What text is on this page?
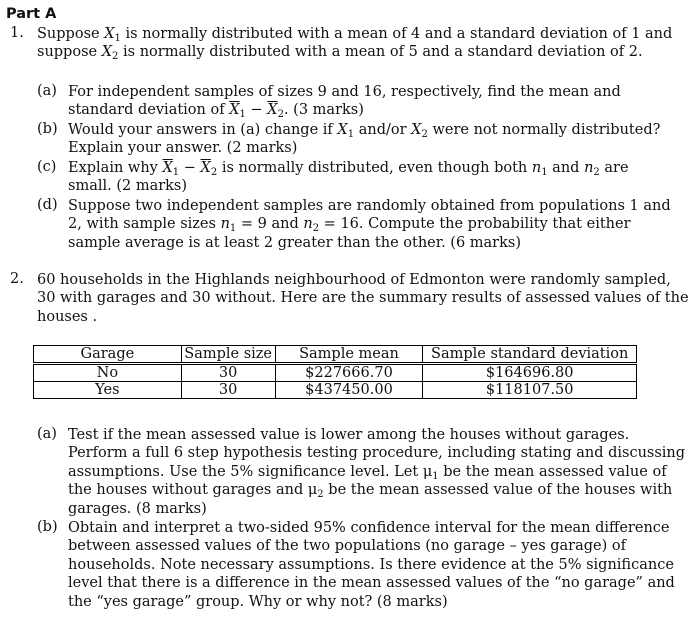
Part A
1. Suppose $X_1$ is normally distributed with a mean of 4 and a standard deviation of 1 and
suppose $X_2$ is normally distributed with a mean of 5 and a standard deviation of 2.
(a) For independent samples of sizes 9 and 16, respectively, find the mean and
standard deviation of $\overline{X}_1 - \overline{X}_2$. (3 marks)
(b) Would your answers in (a) change if $X_1$ and/or $X_2$ were not normally distributed?
Explain your answer. (2 marks)
(c) Explain why $\overline{X}_1 - \overline{X}_2$ is normally distributed, even though both $n_1$ and $n_2$ are
small. (2 marks)
(d) Suppose two independent samples are randomly obtained from populations 1 and
2, with sample sizes $n_1 = 9$ and $n_2 = 16$. Compute the probability that either
sample average is at least 2 greater than the other. (6 marks)
2. 60 households in the Highlands neighbourhood of Edmonton were randomly sampled,
30 with garages and 30 without. Here are the summary results of assessed values of the
houses .
Garage	Sample size	Sample mean	Sample standard deviation
No	30	$227666.70	$164696.80
Yes	30	$437450.00	$118107.50
(a) Test if the mean assessed value is lower among the houses without garages.
Perform a full 6 step hypothesis testing procedure, including stating and discussing
assumptions. Use the 5% significance level. Let $\mu_1$ be the mean assessed value of
the houses without garages and $\mu_2$ be the mean assessed value of the houses with
garages. (8 marks)
(b) Obtain and interpret a two-sided 95% confidence interval for the mean difference
between assessed values of the two populations (no garage – yes garage) of
households. Note necessary assumptions. Is there evidence at the 5% significance
level that there is a difference in the mean assessed values of the “no garage” and
the “yes garage” group. Why or why not? (8 marks)
